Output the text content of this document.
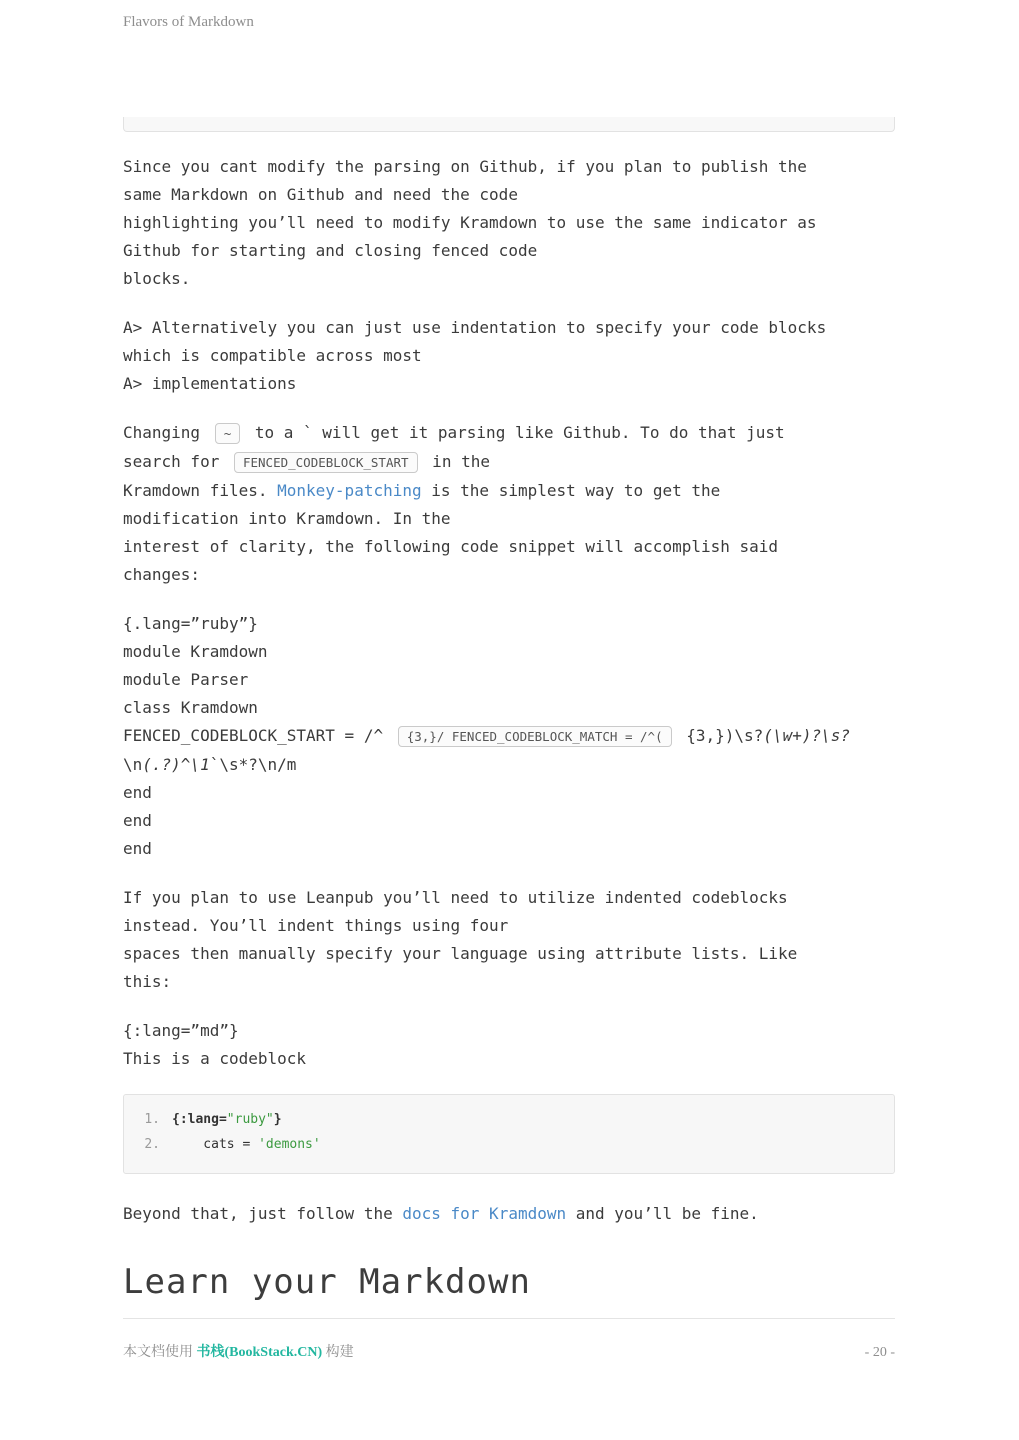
Flavors of Markdown

Since you cant modify the parsing on Github, if you plan to publish the
same Markdown on Github and need the code
highlighting you’ll need to modify Kramdown to use the same indicator as
Github for starting and closing fenced code
blocks.

A> Alternatively you can just use indentation to specify your code blocks
which is compatible across most
A> implementations

Changing ~ to a ` will get it parsing like Github. To do that just
search for FENCED_CODEBLOCK_START in the
Kramdown files. Monkey-patching is the simplest way to get the
modification into Kramdown. In the
interest of clarity, the following code snippet will accomplish said
changes:

{.lang=”ruby”}
module Kramdown
module Parser
class Kramdown
FENCED_CODEBLOCK_START = /^ {3,}/ FENCED_CODEBLOCK_MATCH = /^( {3,})\s?(\w+)?\s?
\n(.?)^\1`\s*?\n/m
end
end
end

If you plan to use Leanpub you’ll need to utilize indented codeblocks
instead. You’ll indent things using four
spaces then manually specify your language using attribute lists. Like
this:

{:lang=”md”}
This is a codeblock

1. {:lang="ruby"}
2. cats = 'demons'

Beyond that, just follow the docs for Kramdown and you’ll be fine.

Learn your Markdown
本文档使用 书栈(BookStack.CN) 构建	- 20 -
